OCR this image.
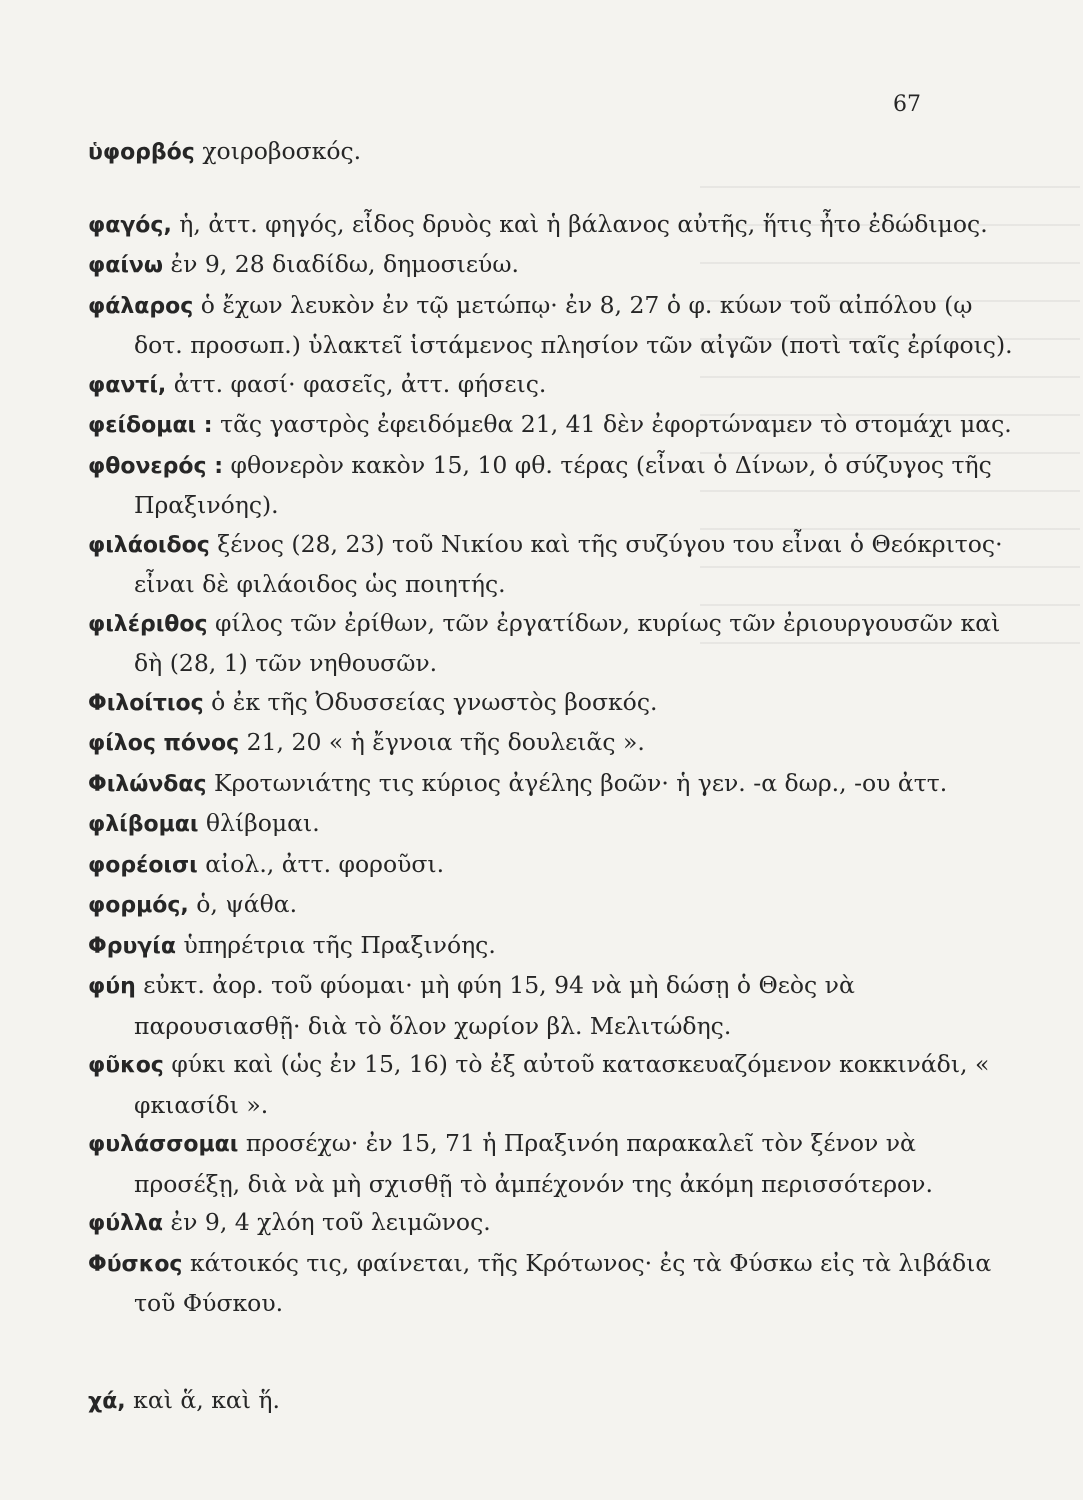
67

ὑφορβός χοιροβοσκός.

φαγός, ἡ, ἀττ. φηγός, εἶδος δρυὸς καὶ ἡ βάλανος αὐτῆς, ἥτις ἦτο ἐδώδιμος.

φαίνω ἐν 9, 28 διαδίδω, δημοσιεύω.

φάλαρος ὁ ἔχων λευκὸν ἐν τῷ μετώπῳ· ἐν 8, 27 ὁ φ. κύων τοῦ αἰπόλου (ῳ δοτ. προσωπ.) ὑλακτεῖ ἱστάμενος πλησίον τῶν αἰγῶν (ποτὶ ταῖς ἐρίφοις).

φαντί, ἀττ. φασί· φασεῖς, ἀττ. φήσεις.

φείδομαι : τᾶς γαστρὸς ἐφειδόμεθα 21, 41 δὲν ἐφορτώναμεν τὸ στομάχι μας.

φθονερός : φθονερὸν κακὸν 15, 10 φθ. τέρας (εἶναι ὁ Δίνων, ὁ σύζυγος τῆς Πραξινόης).

φιλάοιδος ξένος (28, 23) τοῦ Νικίου καὶ τῆς συζύγου του εἶναι ὁ Θεόκριτος· εἶναι δὲ φιλάοιδος ὡς ποιητής.

φιλέριθος φίλος τῶν ἐρίθων, τῶν ἐργατίδων, κυρίως τῶν ἐριουργουσῶν καὶ δὴ (28, 1) τῶν νηθουσῶν.

Φιλοίτιος ὁ ἐκ τῆς Ὀδυσσείας γνωστὸς βοσκός.

φίλος πόνος 21, 20 « ἡ ἔγνοια τῆς δουλειᾶς ».

Φιλώνδας Κροτωνιάτης τις κύριος ἀγέλης βοῶν· ἡ γεν. -α δωρ., -ου ἀττ.

φλίβομαι θλίβομαι.

φορέοισι αἰολ., ἀττ. φοροῦσι.

φορμός, ὁ, ψάθα.

Φρυγία ὑπηρέτρια τῆς Πραξινόης.

φύη εὐκτ. ἀορ. τοῦ φύομαι· μὴ φύη 15, 94 νὰ μὴ δώσῃ ὁ Θεὸς νὰ παρουσιασθῇ· διὰ τὸ ὅλον χωρίον βλ. Μελιτώδης.

φῦκος φύκι καὶ (ὡς ἐν 15, 16) τὸ ἐξ αὐτοῦ κατασκευαζόμενον κοκκινάδι, « φκιασίδι ».

φυλάσσομαι προσέχω· ἐν 15, 71 ἡ Πραξινόη παρακαλεῖ τὸν ξένον νὰ προσέξῃ, διὰ νὰ μὴ σχισθῇ τὸ ἀμπέχονόν της ἀκόμη περισσότερον.

φύλλα ἐν 9, 4 χλόη τοῦ λειμῶνος.

Φύσκος κάτοικός τις, φαίνεται, τῆς Κρότωνος· ἐς τὰ Φύσκω εἰς τὰ λιβάδια τοῦ Φύσκου.

χά, καὶ ἅ, καὶ ἥ.
